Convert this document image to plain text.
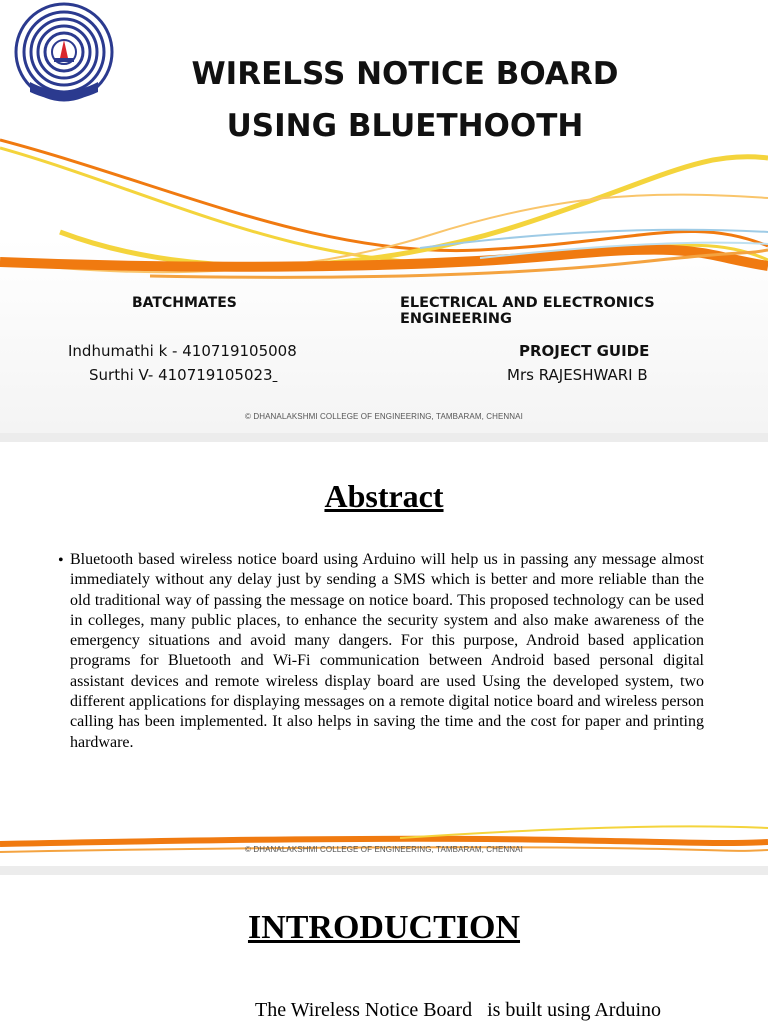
WIRELSS NOTICE BOARD
USING BLUETHOOTH
BATCHMATES	ELECTRICAL AND ELECTRONICS ENGINEERING
Indhumathi k - 410719105008
Surthi V- 410719105023
PROJECT GUIDE
Mrs RAJESHWARI B
© DHANALAKSHMI COLLEGE OF ENGINEERING, TAMBARAM, CHENNAI
Abstract
• Bluetooth based wireless notice board using Arduino will help us in passing any message almost immediately without any delay just by sending a SMS which is better and more reliable than the old traditional way of passing the message on notice board. This proposed technology can be used in colleges, many public places, to enhance the security system and also make awareness of the emergency situations and avoid many dangers. For this purpose, Android based application programs for Bluetooth and Wi-Fi communication between Android based personal digital assistant devices and remote wireless display board are used Using the developed system, two different applications for displaying messages on a remote digital notice board and wireless person calling has been implemented. It also helps in saving the time and the cost for paper and printing hardware.

© DHANALAKSHMI COLLEGE OF ENGINEERING, TAMBARAM, CHENNAI
INTRODUCTION
The Wireless Notice Board   is built using Arduino
